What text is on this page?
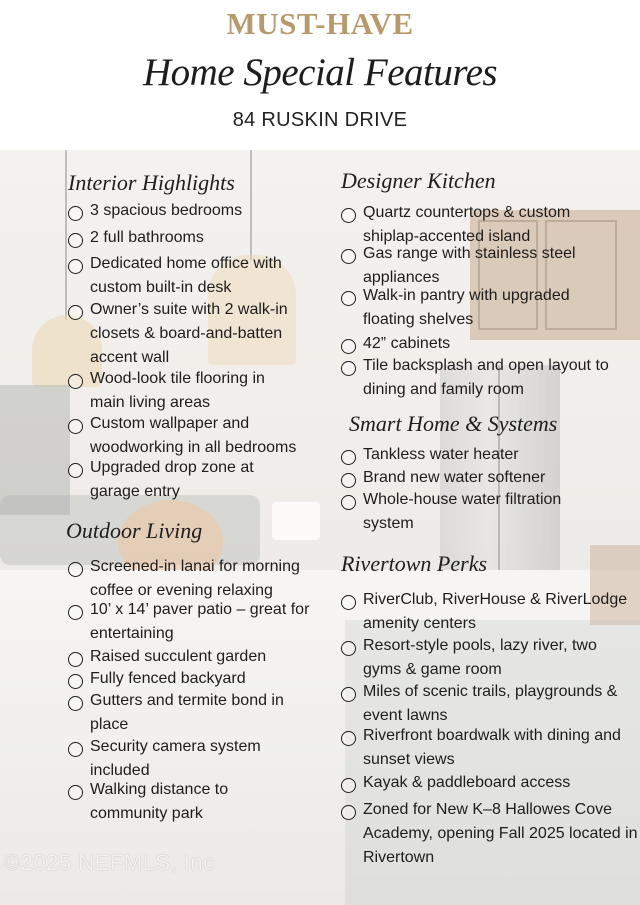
MUST-HAVE
Home Special Features
84 RUSKIN DRIVE
Interior Highlights
3 spacious bedrooms
2 full bathrooms
Dedicated home office with custom built-in desk
Owner’s suite with 2 walk-in closets & board-and-batten accent wall
Wood-look tile flooring in main living areas
Custom wallpaper and woodworking in all bedrooms
Upgraded drop zone at garage entry
Outdoor Living
Screened-in lanai for morning coffee or evening relaxing
10’ x 14’ paver patio – great for entertaining
Raised succulent garden
Fully fenced backyard
Gutters and termite bond in place
Security camera system included
Walking distance to community park
Designer Kitchen
Quartz countertops & custom shiplap-accented island
Gas range with stainless steel appliances
Walk-in pantry with upgraded floating shelves
42” cabinets
Tile backsplash and open layout to dining and family room
Smart Home & Systems
Tankless water heater
Brand new water softener
Whole-house water filtration system
Rivertown Perks
RiverClub, RiverHouse & RiverLodge amenity centers
Resort-style pools, lazy river, two gyms & game room
Miles of scenic trails, playgrounds & event lawns
Riverfront boardwalk with dining and sunset views
Kayak & paddleboard access
Zoned for New K–8 Hallowes Cove Academy, opening Fall 2025 located in Rivertown
©2025 NEFMLS, Inc
